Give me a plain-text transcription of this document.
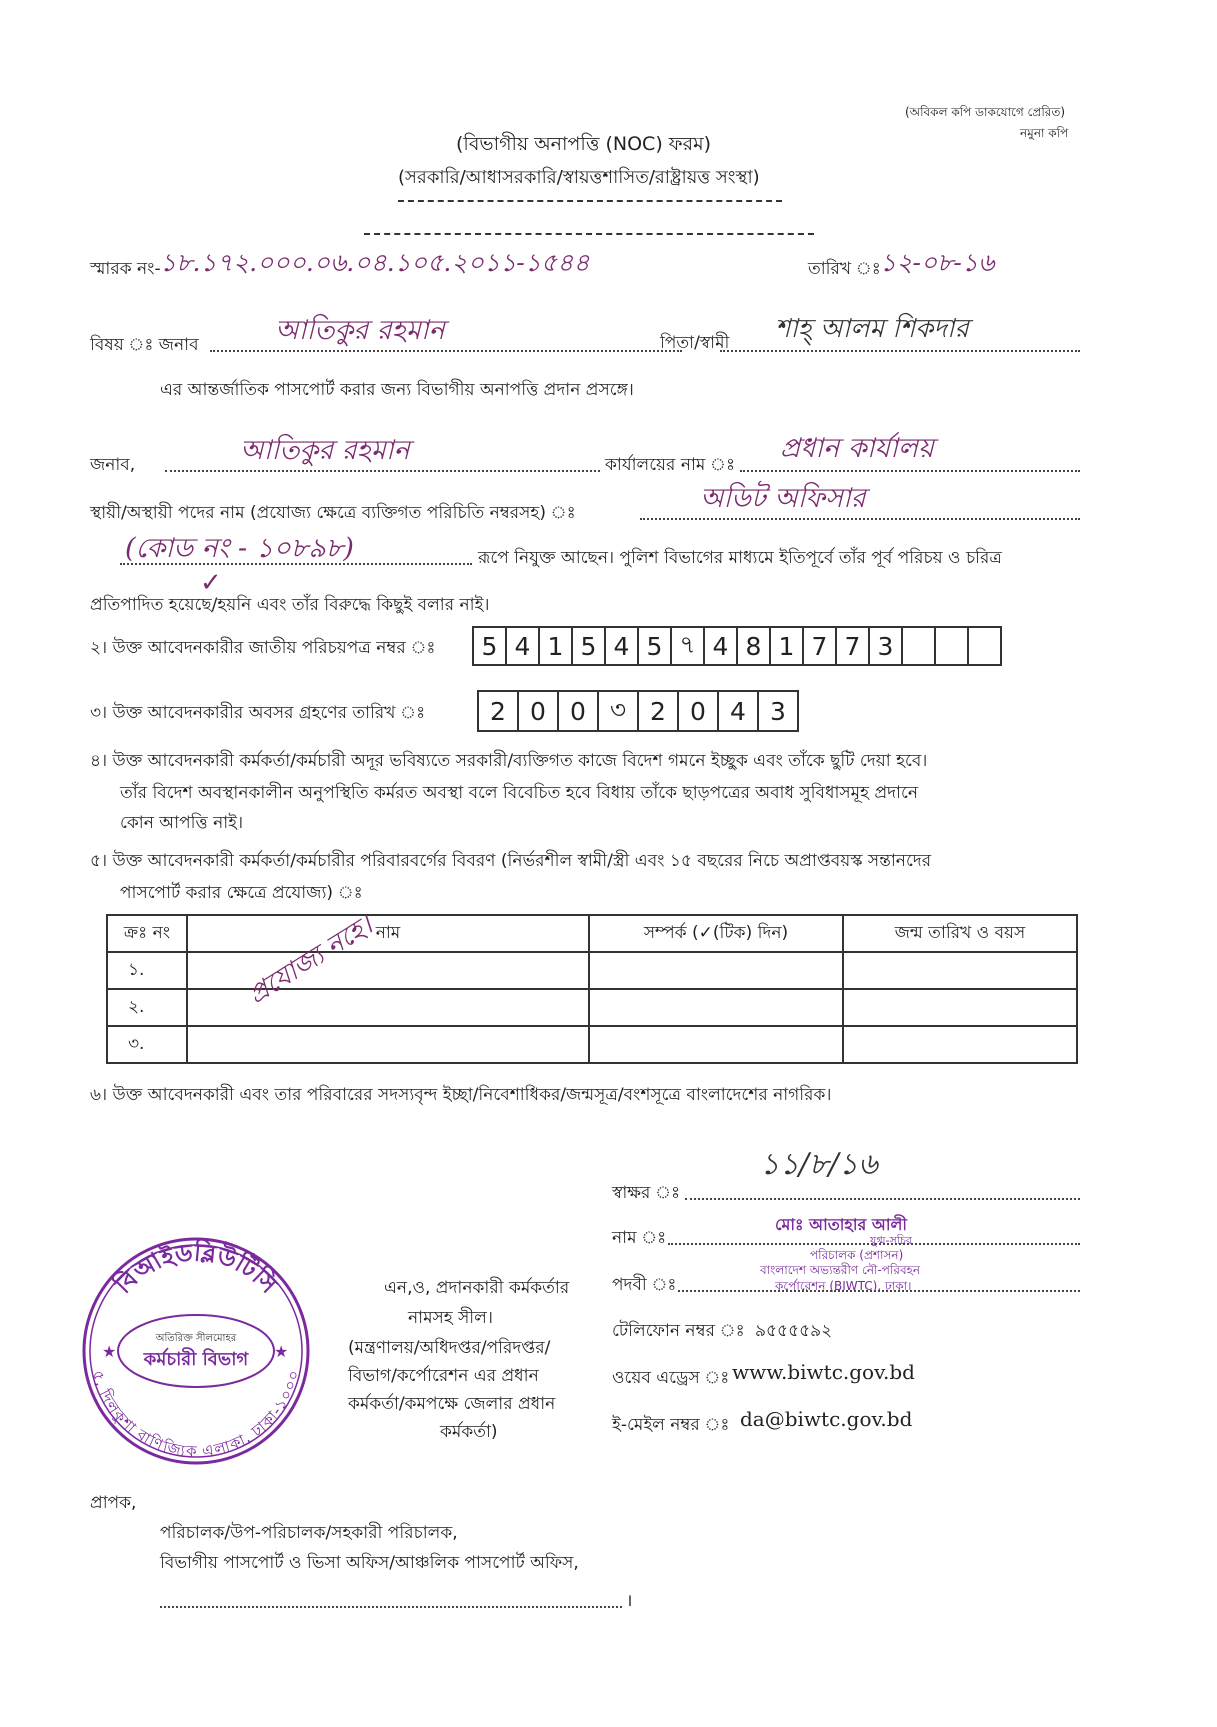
(অবিকল কপি ডাকযোগে প্রেরিত)
নমুনা কপি
(বিভাগীয় অনাপত্তি (NOC) ফরম)
(সরকারি/আধাসরকারি/স্বায়ত্তশাসিত/রাষ্ট্রায়ত্ত সংস্থা)
স্মারক নং- ১৮.১৭২.০০০.০৬.০৪.১০৫.২০১১-১৫৪৪	তারিখ ঃ ১২-০৮-১৬
বিষয় ঃ জনাব	আতিকুর রহমান	পিতা/স্বামী শাহ্ আলম শিকদার
এর আন্তর্জাতিক পাসপোর্ট করার জন্য বিভাগীয় অনাপত্তি প্রদান প্রসঙ্গে।
জনাব,	আতিকুর রহমান	কার্যালয়ের নাম ঃ
প্রধান কার্যালয়
স্থায়ী/অস্থায়ী পদের নাম (প্রযোজ্য ক্ষেত্রে ব্যক্তিগত পরিচিতি নম্বরসহ) ঃ	অডিট অফিসার
(কোড নং - ১০৮৯৮)	রূপে নিযুক্ত আছেন। পুলিশ বিভাগের মাধ্যমে ইতিপূর্বে তাঁর পূর্ব পরিচয় ও চরিত্র
প্রতিপাদিত হয়েছে/হয়নি এবং তাঁর বিরুদ্ধে কিছুই বলার নাই।
✓
২। উক্ত আবেদনকারীর জাতীয় পরিচয়পত্র নম্বর ঃ	5 4 1 5 4 5 ৭ 4 8 1 7 7 3
৩। উক্ত আবেদনকারীর অবসর গ্রহণের তারিখ ঃ	2 0 0 ৩ 2 0 4 3
৪। উক্ত আবেদনকারী কর্মকর্তা/কর্মচারী অদূর ভবিষ্যতে সরকারী/ব্যক্তিগত কাজে বিদেশ গমনে ইচ্ছুক এবং তাঁকে ছুটি দেয়া হবে।
তাঁর বিদেশ অবস্থানকালীন অনুপস্থিতি কর্মরত অবস্থা বলে বিবেচিত হবে বিধায় তাঁকে ছাড়পত্রের অবাধ সুবিধাসমূহ প্রদানে
কোন আপত্তি নাই।
৫। উক্ত আবেদনকারী কর্মকর্তা/কর্মচারীর পরিবারবর্গের বিবরণ (নির্ভরশীল স্বামী/স্ত্রী এবং ১৫ বছরের নিচে অপ্রাপ্তবয়স্ক সন্তানদের
পাসপোর্ট করার ক্ষেত্রে প্রযোজ্য) ঃ
ক্রঃ নং	নাম	সম্পর্ক (✓(টিক) দিন)	জন্ম তারিখ ও বয়স
১.			
২.			
৩.			
প্রযোজ্য নহে।
৬। উক্ত আবেদনকারী এবং তার পরিবারের সদস্যবৃন্দ ইচ্ছা/নিবেশাধিকর/জন্মসূত্র/বংশসূত্রে বাংলাদেশের নাগরিক।
১১/৮/১৬
স্বাক্ষর ঃ
নাম ঃ
মোঃ আতাহার আলী
যুগ্ম-সচিব
পদবী ঃ
পরিচালক (প্রশাসন)
বাংলাদেশ অভ্যন্তরীণ নৌ-পরিবহন
কর্পোরেশন (BIWTC), ঢাকা।
টেলিফোন নম্বর ঃ ৯৫৫৫৫৯২
ওয়েব এড্রেস ঃ www.biwtc.gov.bd
ই-মেইল নম্বর ঃ da@biwtc.gov.bd
এন,ও, প্রদানকারী কর্মকর্তার
নামসহ সীল।
(মন্ত্রণালয়/অধিদপ্তর/পরিদপ্তর/
বিভাগ/কর্পোরেশন এর প্রধান
কর্মকর্তা/কমপক্ষে জেলার প্রধান
কর্মকর্তা)
বিআইডব্লিউটিসি
৫, দিলকুশা বাণিজ্যিক এলাকা, ঢাকা-১০০০
অতিরিক্ত সীলমোহর
কর্মচারী বিভাগ
★	★
প্রাপক,
পরিচালক/উপ-পরিচালক/সহকারী পরিচালক,
বিভাগীয় পাসপোর্ট ও ভিসা অফিস/আঞ্চলিক পাসপোর্ট অফিস,
।
